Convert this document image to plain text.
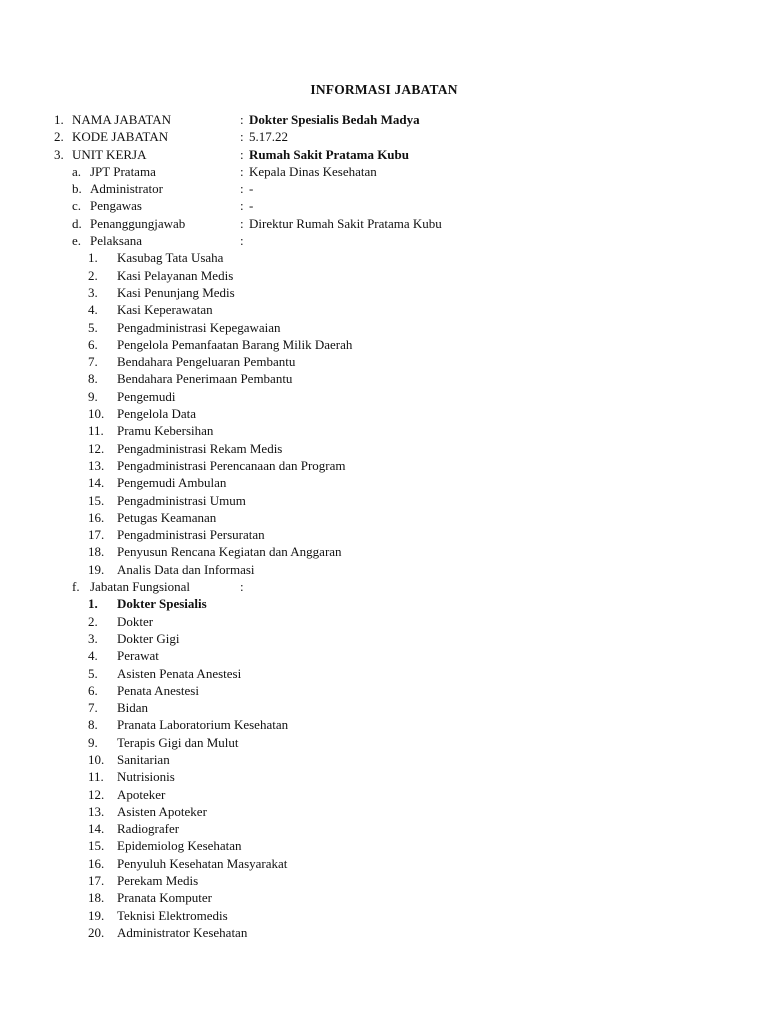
INFORMASI JABATAN
1. NAMA JABATAN	: Dokter Spesialis Bedah Madya
2. KODE JABATAN	: 5.17.22
3. UNIT KERJA	: Rumah Sakit Pratama Kubu
a. JPT Pratama	: Kepala Dinas Kesehatan
b. Administrator	: -
c. Pengawas	: -
d. Penanggungjawab	: Direktur Rumah Sakit Pratama Kubu
e. Pelaksana	:
1.	Kasubag Tata Usaha
2.	Kasi Pelayanan Medis
3.	Kasi Penunjang Medis
4.	Kasi Keperawatan
5.	Pengadministrasi Kepegawaian
6.	Pengelola Pemanfaatan Barang Milik Daerah
7.	Bendahara Pengeluaran Pembantu
8.	Bendahara Penerimaan Pembantu
9.	Pengemudi
10. Pengelola Data
11.	Pramu Kebersihan
12. Pengadministrasi Rekam Medis
13. Pengadministrasi Perencanaan dan Program
14. Pengemudi Ambulan
15. Pengadministrasi Umum
16. Petugas Keamanan
17. Pengadministrasi Persuratan
18. Penyusun Rencana Kegiatan dan Anggaran
19. Analis Data dan Informasi
f. Jabatan Fungsional	:
1.	Dokter Spesialis
2.	Dokter
3.	Dokter Gigi
4.	Perawat
5.	Asisten Penata Anestesi
6.	Penata Anestesi
7.	Bidan
8.	Pranata Laboratorium Kesehatan
9.	Terapis Gigi dan Mulut
10. Sanitarian
11.	Nutrisionis
12. Apoteker
13. Asisten Apoteker
14. Radiografer
15. Epidemiolog Kesehatan
16. Penyuluh Kesehatan Masyarakat
17. Perekam Medis
18. Pranata Komputer
19. Teknisi Elektromedis
20. Administrator Kesehatan
